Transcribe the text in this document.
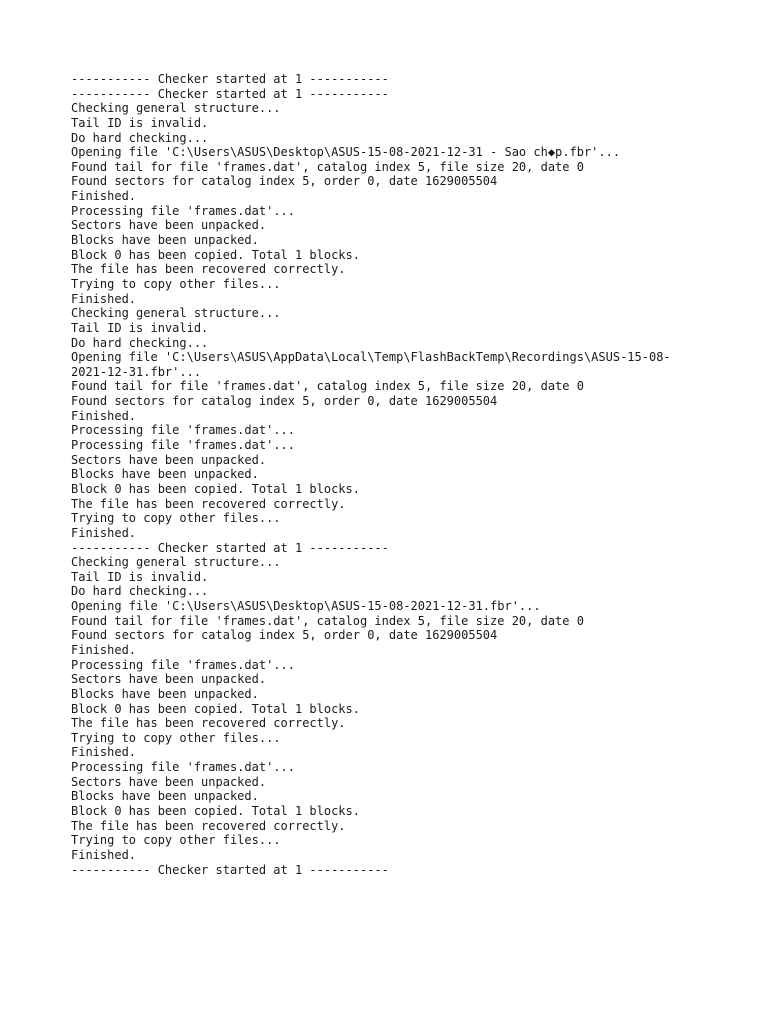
----------- Checker started at 1 -----------
----------- Checker started at 1 -----------
Checking general structure...
Tail ID is invalid.
Do hard checking...
Opening file 'C:\Users\ASUS\Desktop\ASUS-15-08-2021-12-31 - Sao ch◆p.fbr'...
Found tail for file 'frames.dat', catalog index 5, file size 20, date 0
Found sectors for catalog index 5, order 0, date 1629005504
Finished.
Processing file 'frames.dat'...
Sectors have been unpacked.
Blocks have been unpacked.
Block 0 has been copied. Total 1 blocks.
The file has been recovered correctly.
Trying to copy other files...
Finished.
Checking general structure...
Tail ID is invalid.
Do hard checking...
Opening file 'C:\Users\ASUS\AppData\Local\Temp\FlashBackTemp\Recordings\ASUS-15-08-
2021-12-31.fbr'...
Found tail for file 'frames.dat', catalog index 5, file size 20, date 0
Found sectors for catalog index 5, order 0, date 1629005504
Finished.
Processing file 'frames.dat'...
Processing file 'frames.dat'...
Sectors have been unpacked.
Blocks have been unpacked.
Block 0 has been copied. Total 1 blocks.
The file has been recovered correctly.
Trying to copy other files...
Finished.
----------- Checker started at 1 -----------
Checking general structure...
Tail ID is invalid.
Do hard checking...
Opening file 'C:\Users\ASUS\Desktop\ASUS-15-08-2021-12-31.fbr'...
Found tail for file 'frames.dat', catalog index 5, file size 20, date 0
Found sectors for catalog index 5, order 0, date 1629005504
Finished.
Processing file 'frames.dat'...
Sectors have been unpacked.
Blocks have been unpacked.
Block 0 has been copied. Total 1 blocks.
The file has been recovered correctly.
Trying to copy other files...
Finished.
Processing file 'frames.dat'...
Sectors have been unpacked.
Blocks have been unpacked.
Block 0 has been copied. Total 1 blocks.
The file has been recovered correctly.
Trying to copy other files...
Finished.
----------- Checker started at 1 -----------
